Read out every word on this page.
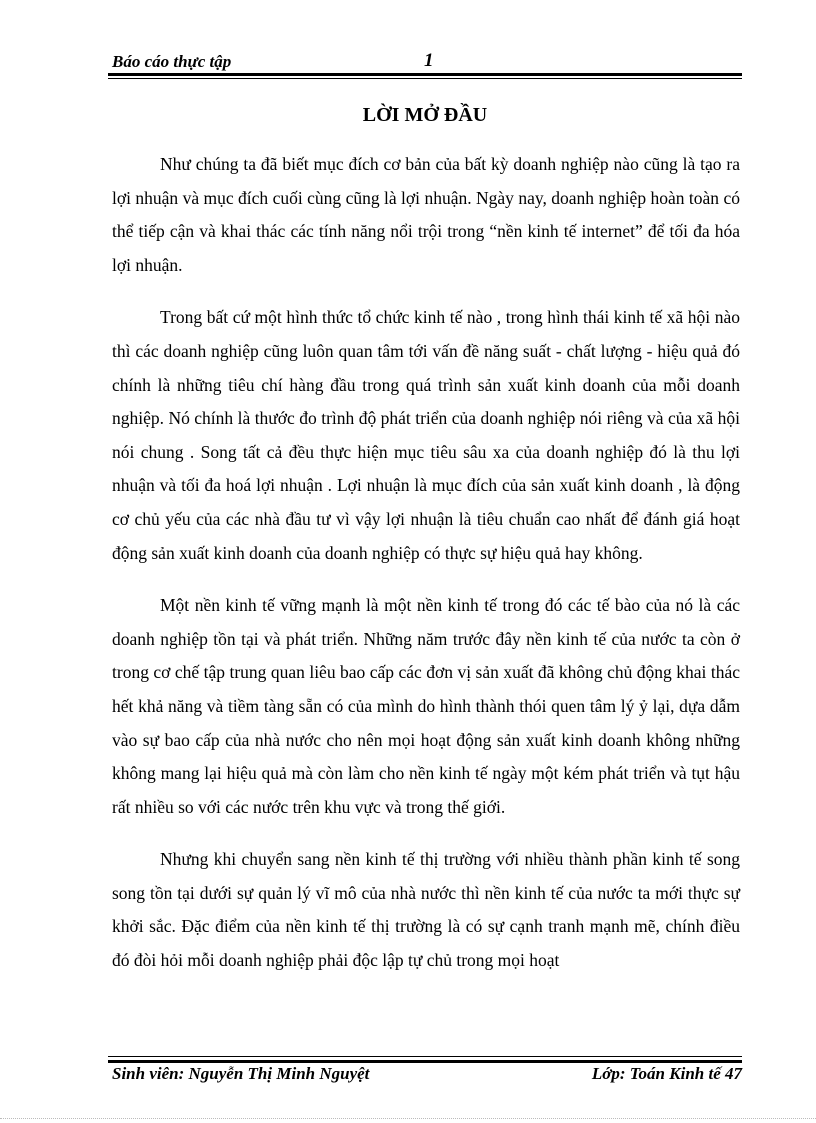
Báo cáo thực tập	1
LỜI MỞ ĐẦU

Như chúng ta đã biết mục đích cơ bản của bất kỳ doanh nghiệp nào cũng là tạo ra lợi nhuận và mục đích cuối cùng cũng là lợi nhuận. Ngày nay, doanh nghiệp hoàn toàn có thể tiếp cận và khai thác các tính năng nổi trội trong “nền kinh tế internet” để tối đa hóa lợi nhuận.

Trong bất cứ một hình thức tổ chức kinh tế nào , trong hình thái kinh tế xã hội nào thì các doanh nghiệp cũng luôn quan tâm tới vấn đề năng suất - chất lượng - hiệu quả đó chính là những tiêu chí hàng đầu trong quá trình sản xuất kinh doanh của mỗi doanh nghiệp. Nó chính là thước đo trình độ phát triển của doanh nghiệp nói riêng và của xã hội nói chung . Song tất cả đều thực hiện mục tiêu sâu xa của doanh nghiệp đó là thu lợi nhuận và tối đa hoá lợi nhuận . Lợi nhuận là mục đích của sản xuất kinh doanh , là động cơ chủ yếu của các nhà đầu tư vì vậy lợi nhuận là tiêu chuẩn cao nhất để đánh giá hoạt động sản xuất kinh doanh của doanh nghiệp có thực sự hiệu quả hay không.

Một nền kinh tế vững mạnh là một nền kinh tế trong đó các tế bào của nó là các doanh nghiệp tồn tại và phát triển. Những năm trước đây nền kinh tế của nước ta còn ở trong cơ chế tập trung quan liêu bao cấp các đơn vị sản xuất đã không chủ động khai thác hết khả năng và tiềm tàng sẵn có của mình do hình thành thói quen tâm lý ỷ lại, dựa dẫm vào sự bao cấp của nhà nước cho nên mọi hoạt động sản xuất kinh doanh không những không mang lại hiệu quả mà còn làm cho nền kinh tế ngày một kém phát triển và tụt hậu rất nhiều so với các nước trên khu vực và trong thế giới.

Nhưng khi chuyển sang nền kinh tế thị trường với nhiều thành phần kinh tế song song tồn tại dưới sự quản lý vĩ mô của nhà nước thì nền kinh tế của nước ta mới thực sự khởi sắc. Đặc điểm của nền kinh tế thị trường là có sự cạnh tranh mạnh mẽ, chính điều đó đòi hỏi mỗi doanh nghiệp phải độc lập tự chủ trong mọi hoạt

Sinh viên: Nguyễn Thị Minh Nguyệt	Lớp: Toán Kinh tế 47
